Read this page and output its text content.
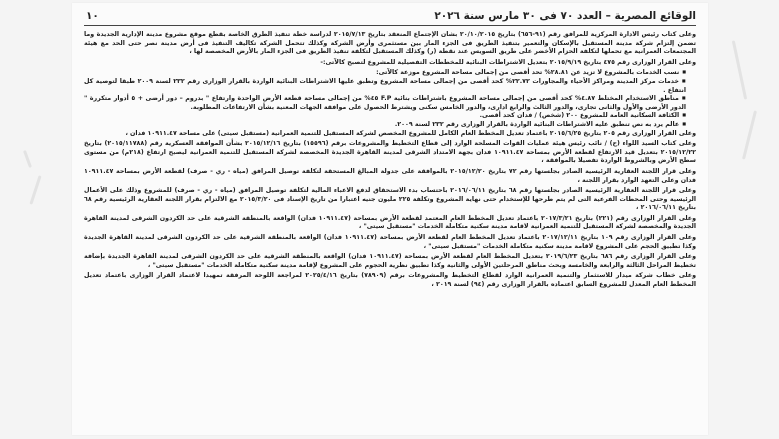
الوقائع المصرية – العدد ٧٠ فى ٣٠ مارس سنة ٢٠٢٦
١٠
وعلى كتاب رئيس الادارة المركزية للمرافق رقم (٩١-٦٥٦) بتاريخ ٢٠/١٠/٢٠١٥ بشأن الإجتماع المنعقد بتاريخ ٢٠١٥/٧/١٣ لدراسة خطة تنفيذ الطرق الخاصة بقطع موقع مشروع مدينة الإدارية الجديدة وما تضمن إلتزام شركة مدينة المستقبل بالإسكان والتعمير بتنفيذ الطريق فى الجزء المار بين مستثمرى وأرض الشركة وكذلك تتحمل الشركة تكاليف التنفيذ فى أرض مدينة نصر حتى الحد مع هيئة المجتمعات العمرانية مع تحملها لتكلفة الحزام الأخضر على طريق السويس عند نقطة (ر) وكذلك المستقبل لتكلفة تنفيذ الطريق فى الجزء المار بالأرض المخصصة لها ،
وعلى القرار الوزارى رقم ٤٧٥ بتاريخ ٢٠١٥/٩/١٩ بتعديل الاشتراطات البنائية للمخططات التفصيلية للمشروع لتصبح كالآتى:-
■ نسب الخدمات بالمشروع لا تزيد عن ٢٨.٨١% تحد أقصى من إجمالى مساحة المشروع موزعة كالآتى:
■ خدمات مركز المدينة ومراكز الأحياء والمجاورات ٢٢.٧٢% كحد أقصى من إجمالى مساحة المشروع وتطبق عليها الاشتراطات البنائية الواردة بالقرار الوزارى رقم ٢٣٢ لسنة ٢٠٠٩ طبقا لتوصية كل انتفاع .
■ مناطق الاستخدام المختلط ٤.٨٧% كحد أقصى من إجمالى مساحة المشروع باشتراطات بنائية F.P ٤٥% من إجمالى مساحة قطعة الأرض الواحدة وارتفاع " بدروم – دور أرضى + ٥ أدوار متكررة " الدور الأرضى والأول والثانى تجارى، والدور الثالث والرابع ادارى، والدور الخامس سكنى ويشترط الحصول على موافقة الجهات المعنية بشأن الارتفاعات المطلوبة.
■ الكثافة السكانية العامة للمشروع ٢٠٠ (شخص) / فدان كحد أقصى.
■ عالم يرد به نص تنطبق عليه الاشتراطات البنائية الواردة بالقرار الوزارى رقم ٢٣٢ لسنة ٢٠٠٩.
وعلى القرار الوزارى رقم ٢٠٥ بتاريخ ٢٠١٥/٦/٢٥ باعتماد تعديل المخطط العام الكامل للمشروع المخصص لشركة المستقبل للتنمية العمرانية (مستقبل سيتى) على مساحة ١٠٩١١.٤٧ فدان ،
وعلى كتاب السيد اللواء (ح) / نائب رئيس هيئة عمليات القوات المسلحة الوارد إلى قطاع التخطيط والمشروعات برقم (١٥٥٩٦) بتاريخ ٢٠١٥/١٢/١٦ بشأن الموافقة العسكرية رقم (٢٠١٥/١١٧٨٨) بتاريخ ٢٠١٥/١٢/٢٢ بتعديل قيد الارتفاع لقطعة الأرض بمساحة ١٠٩١١.٤٧ فدان بجهة الامتداد الشرقى لمدينة القاهرة الجديدة المخصصة لشركة المستقبل للتنمية العمرانية ليصبح ارتفاع (٢١٨م) من مستوى سطح الأرض وبالشروط الواردة تفصيلا بالموافقة ،
وعلى قرار اللجنة العقارية الرئيسية الصادر بجلستها رقم ٧٢ بتاريخ ٢٠١٥/١٢/٢٠ بالموافقة على جدولة المبالغ المستحقة لتكلفة توصيل المرافق (مياه - ري - صرف) لقطعة الأرض بمساحة ١٠٩١١.٤٧ فدان وعلى التعهد الوارد بقرار اللجنة ،
وعلى قرار اللجنة العقارية الرئيسية الصادر بجلستها رقم ٦٨ بتاريخ ٢٠١٦/٠٦/١١ باحتساب بدء الاستحقاق لدفع الاعباء المالية لتكلفة توصيل المرافق (مياه - ري - صرف) للمشروع وذلك على الأعمال الرئيسية وحتى المحطات الفرعية التى لم يتم طرحها للإستخدام حتى نهاية المشروع وتكلفة ٢٢٥ مليون جنيه اعتبارا من تاريخ الإسناد فى ٢٠١٥/٣/٢٠ مع الالتزام بقرار اللجنة العقارية الرئيسية رقم ٦٨ بتاريخ ٢٠١٦/٠٦/١١ ،
وعلى القرار الوزارى رقم (٢٢١) بتاريخ ٢٠١٧/٣/٢١ باعتماد تعديل المخطط العام المعتمد لقطعة الأرض بمساحة (١٠٩١١.٤٧ فدان) الواقعة بالمنطقة الشرقية على حد الكردون الشرقى لمدينة القاهرة الجديدة والمخصصة لشركة المستقبل للتنمية العمرانية لاقامة مدينة سكنية متكاملة الخدمات "مستقبل سيتى" ،
وعلى القرار الوزارى رقم ١٠٩ بتاريخ ٢٠١٧/١٢/١١ باعتماد تعديل المخطط العام لقطعة الأرض بمساحة (١٠٩١١.٤٧ فدان) الواقعة بالمنطقة الشرقية على حد الكردون الشرقى لمدينة القاهرة الجديدة وكذا تطبيق الحجم على المشروع لاقامة مدينة سكنية متكاملة الخدمات "مستقبل سيتى" ،
وعلى القرار الوزارى رقم ٦٨٦ بتاريخ ٢٠١٩/٦/٢٣ بتعديل المخطط العام لقطعة الأرض بمساحة (١٠٩١١.٤٧ فدان) الواقعة بالمنطقة الشرقية على حد الكردون الشرقى لمدينة القاهرة الجديدة بإضافة تخطيط المراحل الثالثة والرابعة والخامسة وبحث مناطق المرحلتين الأولى والثانية وكذا تطبيق نظرية الحجوم على المشروع لإقامة مدينة سكنية متكاملة الخدمات "مستقبل سيتى" ،
وعلى خطاب شركة ميدار للاستثمار والتنمية العمرانية الوارد لقطاع التخطيط والمشروعات برقم (٧٨٩٠٩) بتاريخ ٢٠٢٥/٤/١٦ لمراجعة اللوحة المرفقة تمهيدا لاعتماد القرار الوزارى باعتماد تعديل المخطط العام المعدل للمشروع السابق اعتماده بالقرار الوزارى رقم (٩٤) لسنة ٢٠١٩ ،
